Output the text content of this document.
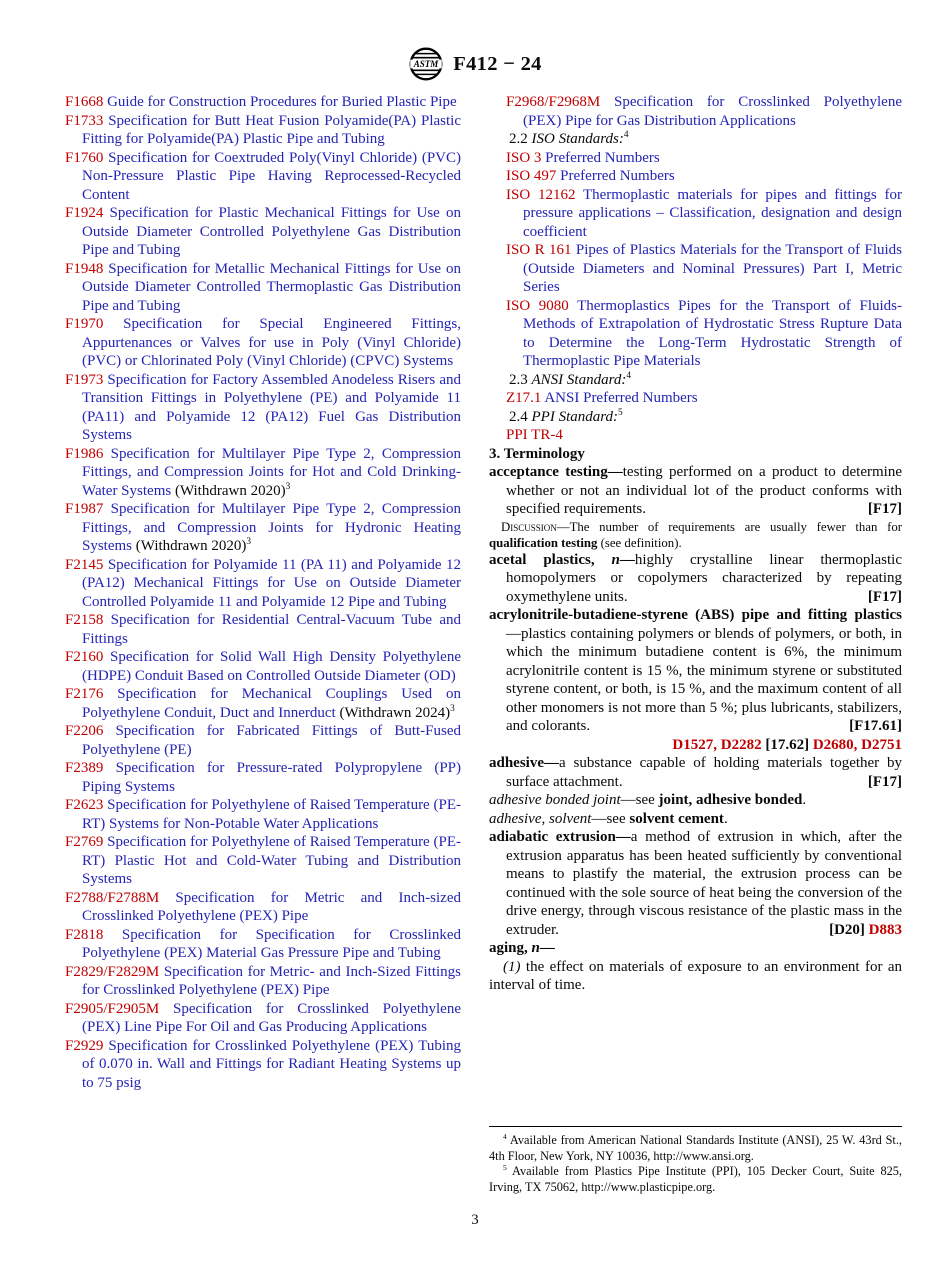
ASTM F412 − 24

F1668 Guide for Construction Procedures for Buried Plastic Pipe

F1733 Specification for Butt Heat Fusion Polyamide(PA) Plastic Fitting for Polyamide(PA) Plastic Pipe and Tubing

F1760 Specification for Coextruded Poly(Vinyl Chloride) (PVC) Non-Pressure Plastic Pipe Having Reprocessed-Recycled Content

F1924 Specification for Plastic Mechanical Fittings for Use on Outside Diameter Controlled Polyethylene Gas Distribution Pipe and Tubing

F1948 Specification for Metallic Mechanical Fittings for Use on Outside Diameter Controlled Thermoplastic Gas Distribution Pipe and Tubing

F1970 Specification for Special Engineered Fittings, Appurtenances or Valves for use in Poly (Vinyl Chloride) (PVC) or Chlorinated Poly (Vinyl Chloride) (CPVC) Systems

F1973 Specification for Factory Assembled Anodeless Risers and Transition Fittings in Polyethylene (PE) and Polyamide 11 (PA11) and Polyamide 12 (PA12) Fuel Gas Distribution Systems

F1986 Specification for Multilayer Pipe Type 2, Compression Fittings, and Compression Joints for Hot and Cold Drinking-Water Systems (Withdrawn 2020)$^3$

F1987 Specification for Multilayer Pipe Type 2, Compression Fittings, and Compression Joints for Hydronic Heating Systems (Withdrawn 2020)$^3$

F2145 Specification for Polyamide 11 (PA 11) and Polyamide 12 (PA12) Mechanical Fittings for Use on Outside Diameter Controlled Polyamide 11 and Polyamide 12 Pipe and Tubing

F2158 Specification for Residential Central-Vacuum Tube and Fittings

F2160 Specification for Solid Wall High Density Polyethylene (HDPE) Conduit Based on Controlled Outside Diameter (OD)

F2176 Specification for Mechanical Couplings Used on Polyethylene Conduit, Duct and Innerduct (Withdrawn 2024)$^3$

F2206 Specification for Fabricated Fittings of Butt-Fused Polyethylene (PE)

F2389 Specification for Pressure-rated Polypropylene (PP) Piping Systems

F2623 Specification for Polyethylene of Raised Temperature (PE-RT) Systems for Non-Potable Water Applications

F2769 Specification for Polyethylene of Raised Temperature (PE-RT) Plastic Hot and Cold-Water Tubing and Distribution Systems

F2788/F2788M Specification for Metric and Inch-sized Crosslinked Polyethylene (PEX) Pipe

F2818 Specification for Specification for Crosslinked Polyethylene (PEX) Material Gas Pressure Pipe and Tubing

F2829/F2829M Specification for Metric- and Inch-Sized Fittings for Crosslinked Polyethylene (PEX) Pipe

F2905/F2905M Specification for Crosslinked Polyethylene (PEX) Line Pipe For Oil and Gas Producing Applications

F2929 Specification for Crosslinked Polyethylene (PEX) Tubing of 0.070 in. Wall and Fittings for Radiant Heating Systems up to 75 psig

F2968/F2968M Specification for Crosslinked Polyethylene (PEX) Pipe for Gas Distribution Applications

2.2 ISO Standards:$^4$

ISO 3 Preferred Numbers

ISO 497 Preferred Numbers

ISO 12162 Thermoplastic materials for pipes and fittings for pressure applications – Classification, designation and design coefficient

ISO R 161 Pipes of Plastics Materials for the Transport of Fluids (Outside Diameters and Nominal Pressures) Part I, Metric Series

ISO 9080 Thermoplastics Pipes for the Transport of Fluids-Methods of Extrapolation of Hydrostatic Stress Rupture Data to Determine the Long-Term Hydrostatic Strength of Thermoplastic Pipe Materials

2.3 ANSI Standard:$^4$

Z17.1 ANSI Preferred Numbers

2.4 PPI Standard:$^5$

PPI TR-4

3. Terminology

acceptance testing—testing performed on a product to determine whether or not an individual lot of the product conforms with specified requirements.	[F17]

Discussion—The number of requirements are usually fewer than for qualification testing (see definition).

acetal plastics, n—highly crystalline linear thermoplastic homopolymers or copolymers characterized by repeating oxymethylene units.	[F17]

acrylonitrile-butadiene-styrene (ABS) pipe and fitting plastics —plastics containing polymers or blends of polymers, or both, in which the minimum butadiene content is 6%, the minimum acrylonitrile content is 15 %, the minimum styrene or substituted styrene content, or both, is 15 %, and the maximum content of all other monomers is not more than 5 %; plus lubricants, stabilizers, and colorants.	[F17.61]

D1527, D2282 [17.62] D2680, D2751

adhesive—a substance capable of holding materials together by surface attachment.	[F17]

adhesive bonded joint—see joint, adhesive bonded.

adhesive, solvent—see solvent cement.

adiabatic extrusion—a method of extrusion in which, after the extrusion apparatus has been heated sufficiently by conventional means to plastify the material, the extrusion process can be continued with the sole source of heat being the conversion of the drive energy, through viscous resistance of the plastic mass in the extruder.	[D20] D883

aging, n—

(1) the effect on materials of exposure to an environment for an interval of time.

$^4$ Available from American National Standards Institute (ANSI), 25 W. 43rd St., 4th Floor, New York, NY 10036, http://www.ansi.org.

$^5$ Available from Plastics Pipe Institute (PPI), 105 Decker Court, Suite 825, Irving, TX 75062, http://www.plasticpipe.org.

3
